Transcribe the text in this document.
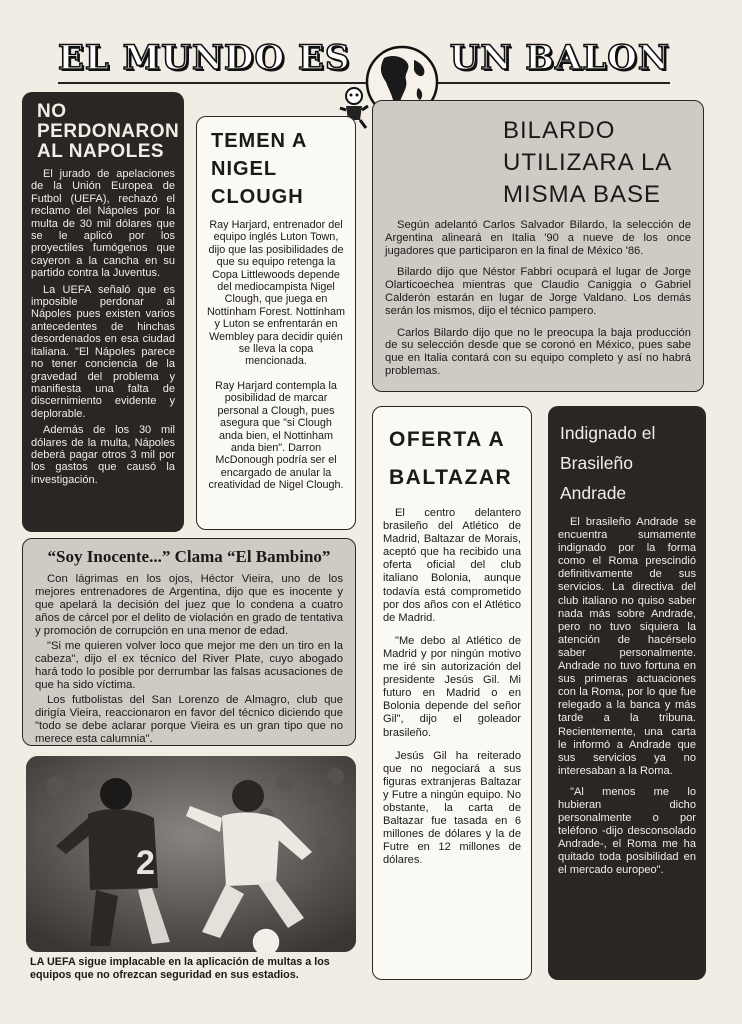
EL MUNDO ES	UN BALON
NO PERDONARON AL NAPOLES

El jurado de apelaciones de la Unión Europea de Futbol (UEFA), rechazó el reclamo del Nápoles por la multa de 30 mil dólares que se le aplicó por los proyectiles fumógenos que cayeron a la cancha en su partido contra la Juventus.

La UEFA señaló que es imposible perdonar al Nápoles pues existen varios antecedentes de hinchas desordenados en esa ciudad italiana. "El Nápoles parece no tener conciencia de la gravedad del problema y manifiesta una falta de discernimiento evidente y deplorable.

Además de los 30 mil dólares de la multa, Nápoles deberá pagar otros 3 mil por los gastos que causó la investigación.

TEMEN A NIGEL CLOUGH

Ray Harjard, entrenador del equipo inglés Luton Town, dijo que las posibilidades de que su equipo retenga la Copa Littlewoods depende del mediocampista Nigel Clough, que juega en Nottinham Forest. Nottinham y Luton se enfrentarán en Wembley para decidir quién se lleva la copa mencionada.

Ray Harjard contempla la posibilidad de marcar personal a Clough, pues asegura que "si Clough anda bien, el Nottinham anda bien". Darron McDonough podría ser el encargado de anular la creatividad de Nigel Clough.

BILARDO UTILIZARA LA MISMA BASE

Según adelantó Carlos Salvador Bilardo, la selección de Argentina alineará en Italia '90 a nueve de los once jugadores que participaron en la final de México '86.

Bilardo dijo que Néstor Fabbri ocupará el lugar de Jorge Olarticoechea mientras que Claudio Caniggia o Gabriel Calderón estarán en lugar de Jorge Valdano. Los demás serán los mismos, dijo el técnico pampero.

Carlos Bilardo dijo que no le preocupa la baja producción de su selección desde que se coronó en México, pues sabe que en Italia contará con su equipo completo y así no habrá problemas.

“Soy Inocente...” Clama “El Bambino”

Con lágrimas en los ojos, Héctor Vieira, uno de los mejores entrenadores de Argentina, dijo que es inocente y que apelará la decisión del juez que lo condena a cuatro años de cárcel por el delito de violación en grado de tentativa y promoción de corrupción en una menor de edad.

"Si me quieren volver loco que mejor me den un tiro en la cabeza", dijo el ex técnico del River Plate, cuyo abogado hará todo lo posible por derrumbar las falsas acusaciones de que ha sido víctima.

Los futbolistas del San Lorenzo de Almagro, club que dirigía Vieira, reaccionaron en favor del técnico diciendo que "todo se debe aclarar porque Vieira es un gran tipo que no merece esta calumnia".

2
LA UEFA sigue implacable en la aplicación de multas a los equipos que no ofrezcan seguridad en sus estadios.
OFERTA A BALTAZAR

El centro delantero brasileño del Atlético de Madrid, Baltazar de Morais, aceptó que ha recibido una oferta oficial del club italiano Bolonia, aunque todavía está comprometido por dos años con el Atlético de Madrid.

"Me debo al Atlético de Madrid y por ningún motivo me iré sin autorización del presidente Jesús Gil. Mi futuro en Madrid o en Bolonia depende del señor Gil", dijo el goleador brasileño.

Jesús Gil ha reiterado que no negociará a sus figuras extranjeras Baltazar y Futre a ningún equipo. No obstante, la carta de Baltazar fue tasada en 6 millones de dólares y la de Futre en 12 millones de dólares.

Indignado el Brasileño Andrade

El brasileño Andrade se encuentra sumamente indignado por la forma como el Roma prescindió definitivamente de sus servicios. La directiva del club italiano no quiso saber nada más sobre Andrade, pero no tuvo siquiera la atención de hacérselo saber personalmente. Andrade no tuvo fortuna en sus primeras actuaciones con la Roma, por lo que fue relegado a la banca y más tarde a la tribuna. Recientemente, una carta le informó a Andrade que sus servicios ya no interesaban a la Roma.

"Al menos me lo hubieran dicho personalmente o por teléfono -dijo desconsolado Andrade-, el Roma me ha quitado toda posibilidad en el mercado europeo".
